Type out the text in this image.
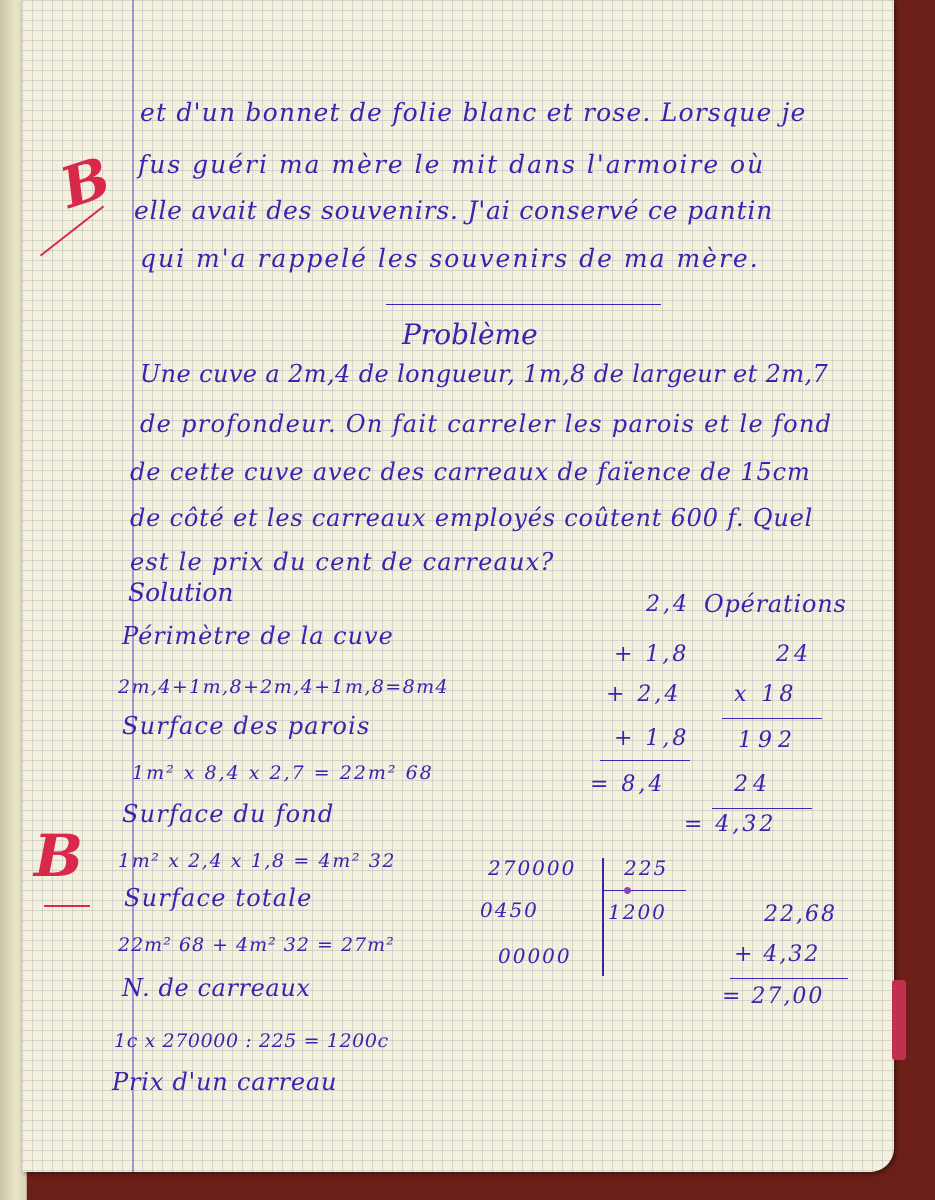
B
B

et d'un bonnet de folie blanc et rose. Lorsque je

fus guéri ma mère le mit dans l'armoire où

elle avait des souvenirs. J'ai conservé ce pantin

qui m'a rappelé les souvenirs de ma mère.

Problème

Une cuve a 2m,4 de longueur, 1m,8 de largeur et 2m,7

de profondeur. On fait carreler les parois et le fond

de cette cuve avec des carreaux de faïence de 15cm

de côté et les carreaux employés coûtent 600 f. Quel

est le prix du cent de carreaux?

Solution

Périmètre de la cuve

2m,4+1m,8+2m,4+1m,8=8m4

Surface des parois

1m² x 8,4 x 2,7 = 22m² 68

Surface du fond

1m² x 2,4 x 1,8 = 4m² 32

Surface totale

22m² 68 + 4m² 32 = 27m²

N. de carreaux

1c x 270000 : 225 = 1200c

Prix d'un carreau

Opérations

2,4

+ 1,8

+ 2,4

+ 1,8

= 8,4

24

x 18

192

24

= 4,32

270000

0450

00000

225

1200	22,68

+ 4,32

= 27,00
